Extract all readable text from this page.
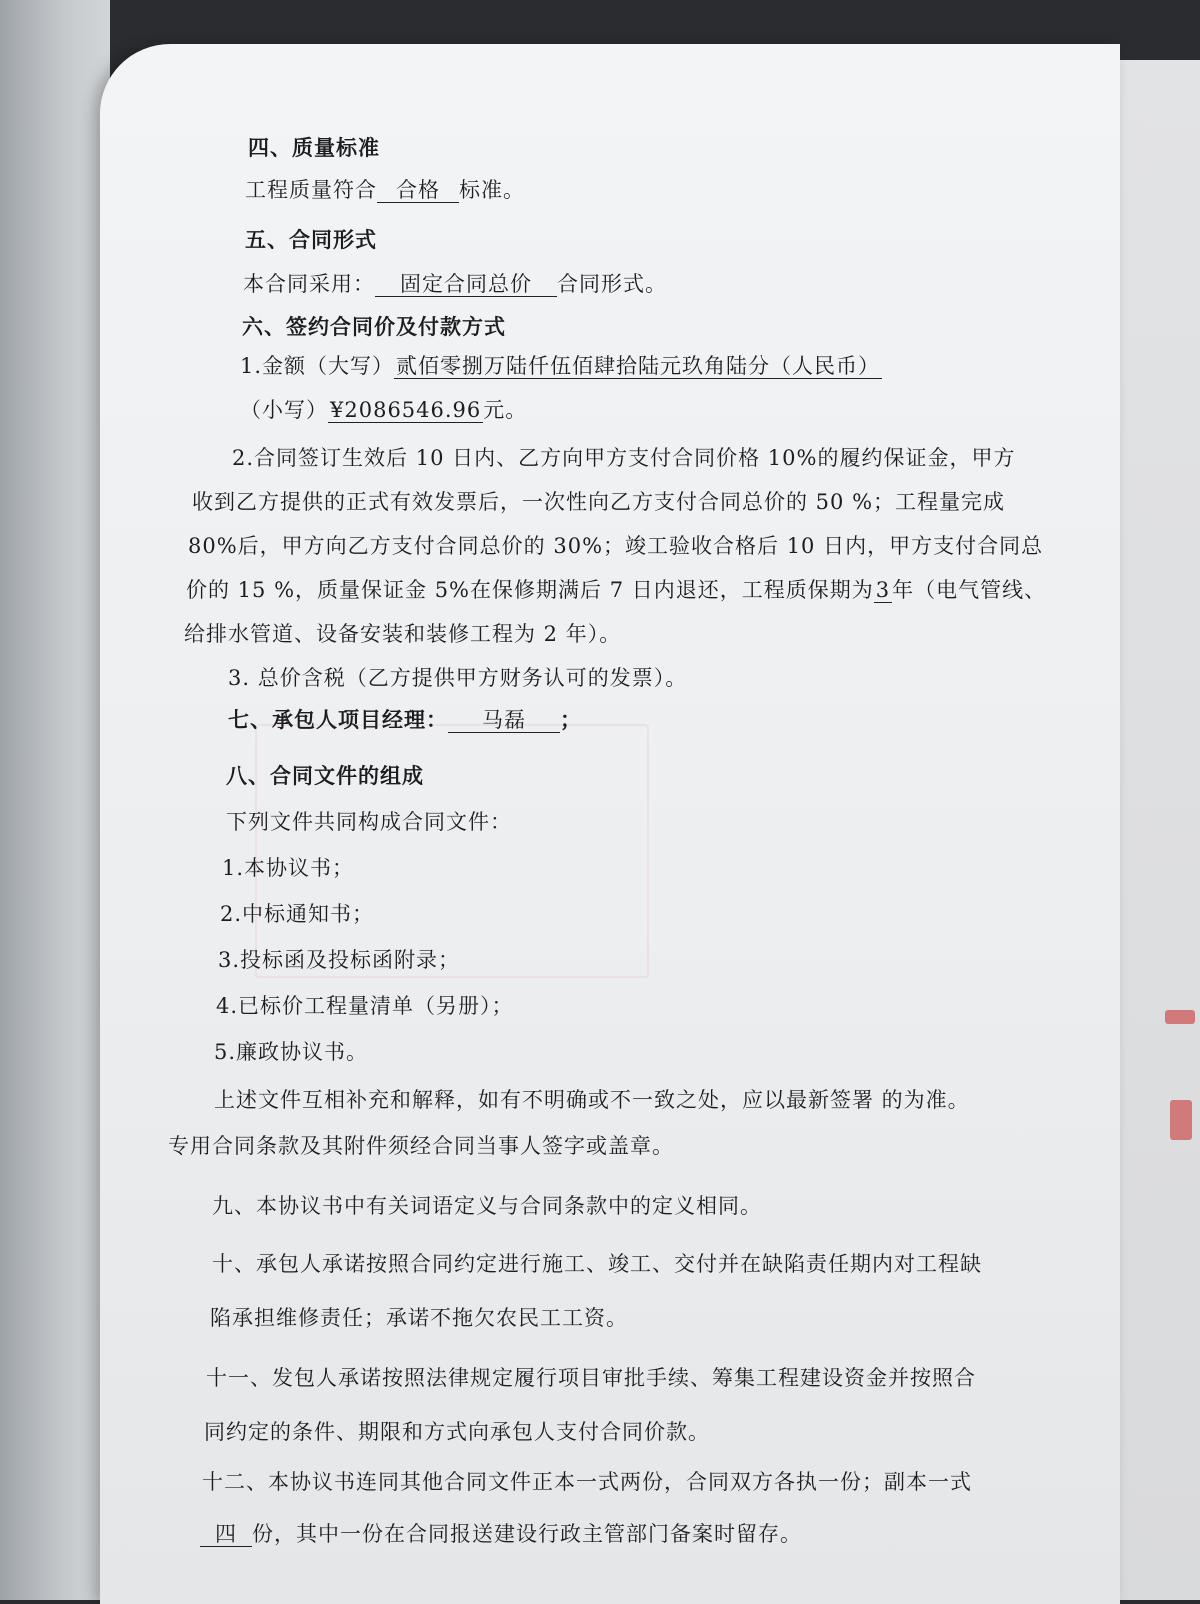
四、质量标准
工程质量符合 合格 标准。
五、合同形式
本合同采用： 固定合同总价 合同形式。
六、签约合同价及付款方式
1.金额（大写）贰佰零捌万陆仟伍佰肆拾陆元玖角陆分（人民币）
（小写）¥2086546.96元。
2.合同签订生效后 10 日内、乙方向甲方支付合同价格 10%的履约保证金，甲方
收到乙方提供的正式有效发票后，一次性向乙方支付合同总价的 50 %；工程量完成
80%后，甲方向乙方支付合同总价的 30%；竣工验收合格后 10 日内，甲方支付合同总
价的 15 %，质量保证金 5%在保修期满后 7 日内退还，工程质保期为3年（电气管线、
给排水管道、设备安装和装修工程为 2 年）。
3. 总价含税（乙方提供甲方财务认可的发票）。
七、承包人项目经理： 马磊 ；
八、合同文件的组成
下列文件共同构成合同文件：
1.本协议书；
2.中标通知书；
3.投标函及投标函附录；
4.已标价工程量清单（另册）；
5.廉政协议书。
上述文件互相补充和解释，如有不明确或不一致之处，应以最新签署 的为准。
专用合同条款及其附件须经合同当事人签字或盖章。
九、本协议书中有关词语定义与合同条款中的定义相同。
十、承包人承诺按照合同约定进行施工、竣工、交付并在缺陷责任期内对工程缺
陷承担维修责任；承诺不拖欠农民工工资。
十一、发包人承诺按照法律规定履行项目审批手续、筹集工程建设资金并按照合
同约定的条件、期限和方式向承包人支付合同价款。
十二、本协议书连同其他合同文件正本一式两份，合同双方各执一份；副本一式
四 份，其中一份在合同报送建设行政主管部门备案时留存。
